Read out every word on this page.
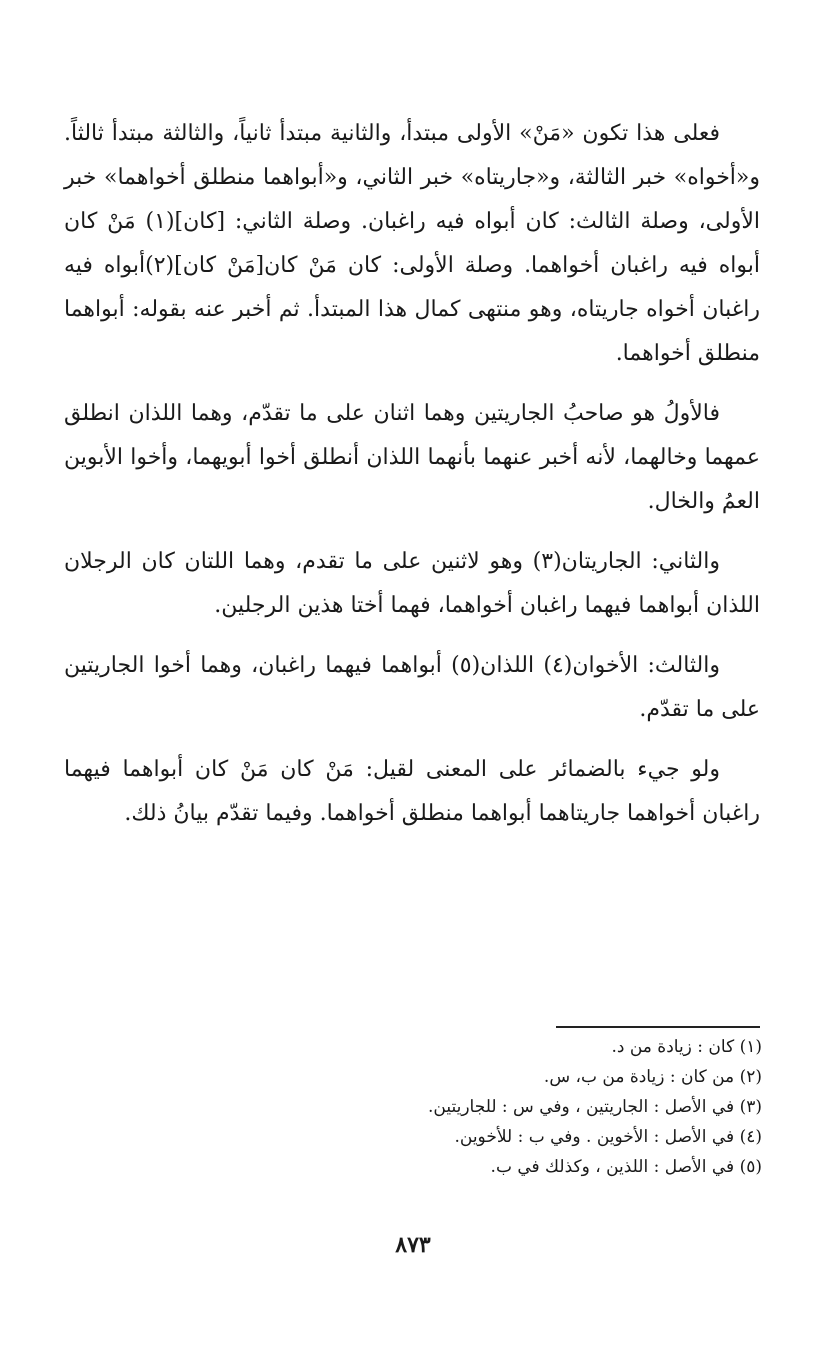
فعلى هذا تكون «مَنْ» الأولى مبتدأ، والثانية مبتدأ ثانياً، والثالثة مبتدأ ثالثاً. و«أخواه» خبر الثالثة، و«جاريتاه» خبر الثاني، و«أبواهما منطلق أخواهما» خبر الأولى، وصلة الثالث: كان أبواه فيه راغبان. وصلة الثاني: [كان](١) مَنْ كان أبواه فيه راغبان أخواهما. وصلة الأولى: كان مَنْ كان[مَنْ كان](٢)أبواه فيه راغبان أخواه جاريتاه، وهو منتهى كمال هذا المبتدأ. ثم أخبر عنه بقوله: أبواهما منطلق أخواهما.

فالأولُ هو صاحبُ الجاريتين وهما اثنان على ما تقدّم، وهما اللذان انطلق عمهما وخالهما، لأنه أخبر عنهما بأنهما اللذان أنطلق أخوا أبويهما، وأخوا الأبوين العمُ والخال.

والثاني: الجاريتان(٣) وهو لاثنين على ما تقدم، وهما اللتان كان الرجلان اللذان أبواهما فيهما راغبان أخواهما، فهما أختا هذين الرجلين.

والثالث: الأخوان(٤) اللذان(٥) أبواهما فيهما راغبان، وهما أخوا الجاريتين على ما تقدّم.

ولو جيء بالضمائر على المعنى لقيل: مَنْ كان مَنْ كان أبواهما فيهما راغبان أخواهما جاريتاهما أبواهما منطلق أخواهما. وفيما تقدّم بيانُ ذلك.

(١) كان : زيادة من د.

(٢) من كان : زيادة من ب، س.

(٣) في الأصل : الجاريتين ، وفي س : للجاريتين.

(٤) في الأصل : الأخوين . وفي ب : للأخوين.

(٥) في الأصل : اللذين ، وكذلك في ب.

٨٧٣
